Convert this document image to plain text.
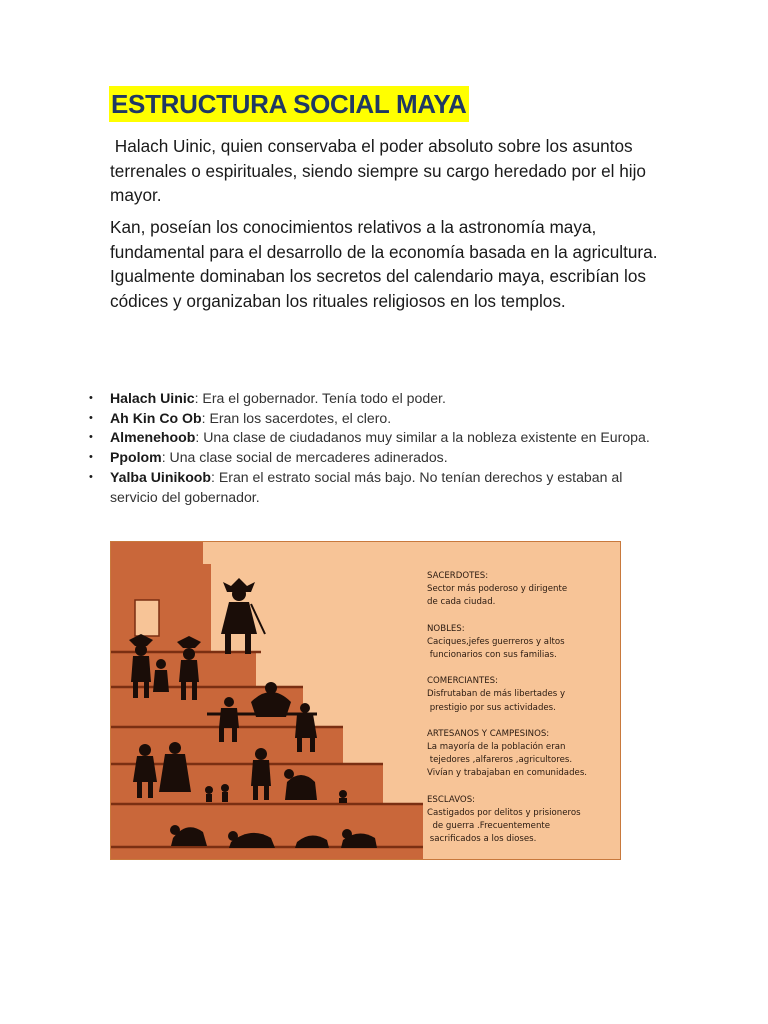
ESTRUCTURA SOCIAL MAYA

Halach Uinic, quien conservaba el poder absoluto sobre los asuntos terrenales o espirituales, siendo siempre su cargo heredado por el hijo mayor.

Kan, poseían los conocimientos relativos a la astronomía maya, fundamental para el desarrollo de la economía basada en la agricultura. Igualmente dominaban los secretos del calendario maya, escribían los códices y organizaban los rituales religiosos en los templos.

• Halach Uinic: Era el gobernador. Tenía todo el poder.
• Ah Kin Co Ob: Eran los sacerdotes, el clero.
• Almenehoob: Una clase de ciudadanos muy similar a la nobleza existente en Europa.
• Ppolom: Una clase social de mercaderes adinerados.
• Yalba Uinikoob: Eran el estrato social más bajo. No tenían derechos y estaban al servicio del gobernador.
SACERDOTES:
Sector más poderoso y dirigente
de cada ciudad.
NOBLES:
Caciques,jefes guerreros y altos
funcionarios con sus familias.
COMERCIANTES:
Disfrutaban de más libertades y
prestigio por sus actividades.
ARTESANOS Y CAMPESINOS:
La mayoría de la población eran
tejedores ,alfareros ,agricultores.
Vivían y trabajaban en comunidades.
ESCLAVOS:
Castigados por delitos y prisioneros
de guerra .Frecuentemente
sacrificados a los dioses.
